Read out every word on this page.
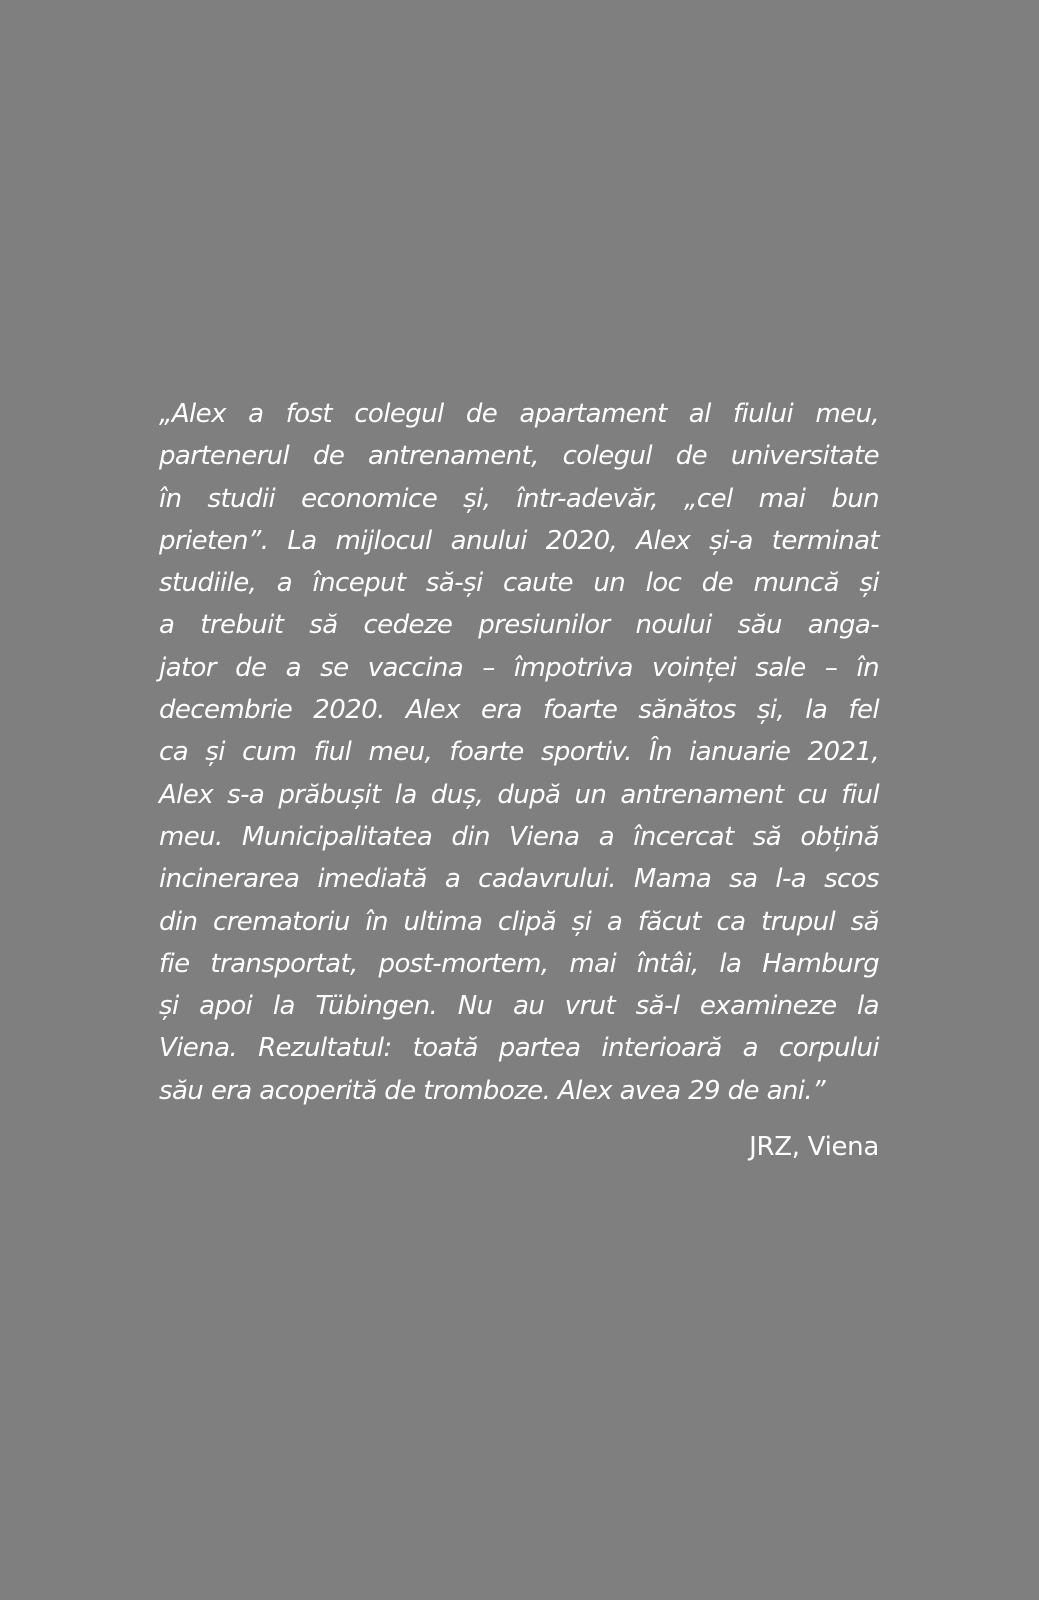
„Alex a fost colegul de apartament al fiului meu,
partenerul de antrenament, colegul de universitate
în studii economice și, într-adevăr, „cel mai bun
prieten”. La mijlocul anului 2020, Alex și-a terminat
studiile, a început să-și caute un loc de muncă și
a trebuit să cedeze presiunilor noului său anga-
jator de a se vaccina – împotriva voinței sale – în
decembrie 2020. Alex era foarte sănătos și, la fel
ca și cum fiul meu, foarte sportiv. În ianuarie 2021,
Alex s-a prăbușit la duș, după un antrenament cu fiul
meu. Municipalitatea din Viena a încercat să obțină
incinerarea imediată a cadavrului. Mama sa l-a scos
din crematoriu în ultima clipă și a făcut ca trupul să
fie transportat, post-mortem, mai întâi, la Hamburg
și apoi la Tübingen. Nu au vrut să-l examineze la
Viena. Rezultatul: toată partea interioară a corpului
său era acoperită de tromboze. Alex avea 29 de ani.”
JRZ, Viena
